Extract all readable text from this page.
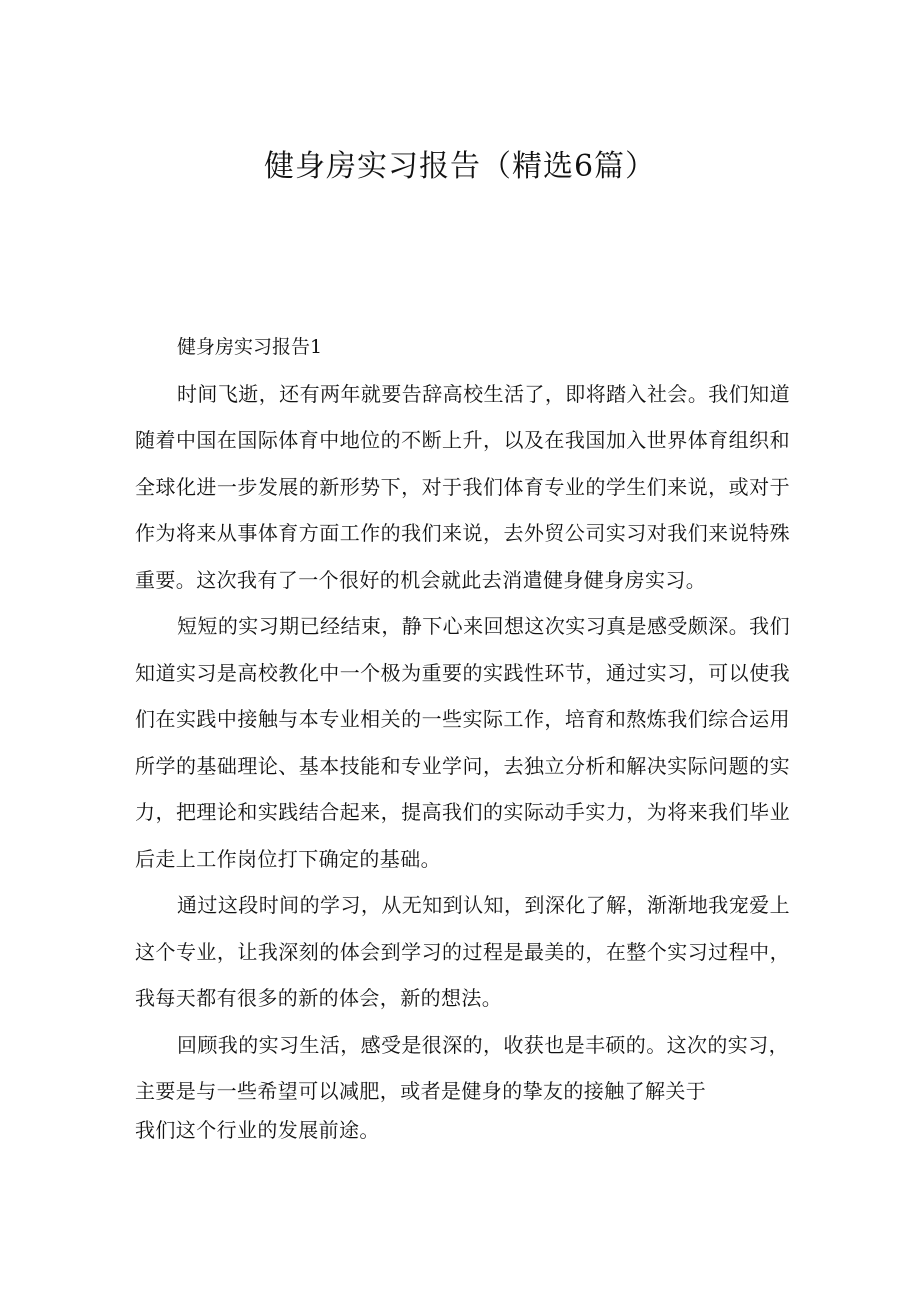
健身房实习报告（精选6篇）

健身房实习报告1

时间飞逝，还有两年就要告辞高校生活了，即将踏入社会。我们知道随着中国在国际体育中地位的不断上升，以及在我国加入世界体育组织和全球化进一步发展的新形势下，对于我们体育专业的学生们来说，或对于作为将来从事体育方面工作的我们来说，去外贸公司实习对我们来说特殊重要。这次我有了一个很好的机会就此去消遣健身健身房实习。

短短的实习期已经结束，静下心来回想这次实习真是感受颇深。我们知道实习是高校教化中一个极为重要的实践性环节，通过实习，可以使我们在实践中接触与本专业相关的一些实际工作，培育和熬炼我们综合运用所学的基础理论、基本技能和专业学问，去独立分析和解决实际问题的实力，把理论和实践结合起来，提高我们的实际动手实力，为将来我们毕业后走上工作岗位打下确定的基础。

通过这段时间的学习，从无知到认知，到深化了解，渐渐地我宠爱上这个专业，让我深刻的体会到学习的过程是最美的，在整个实习过程中，我每天都有很多的新的体会，新的想法。

回顾我的实习生活，感受是很深的，收获也是丰硕的。这次的实习，
主要是与一些希望可以减肥，或者是健身的挚友的接触了解关于
我们这个行业的发展前途。
